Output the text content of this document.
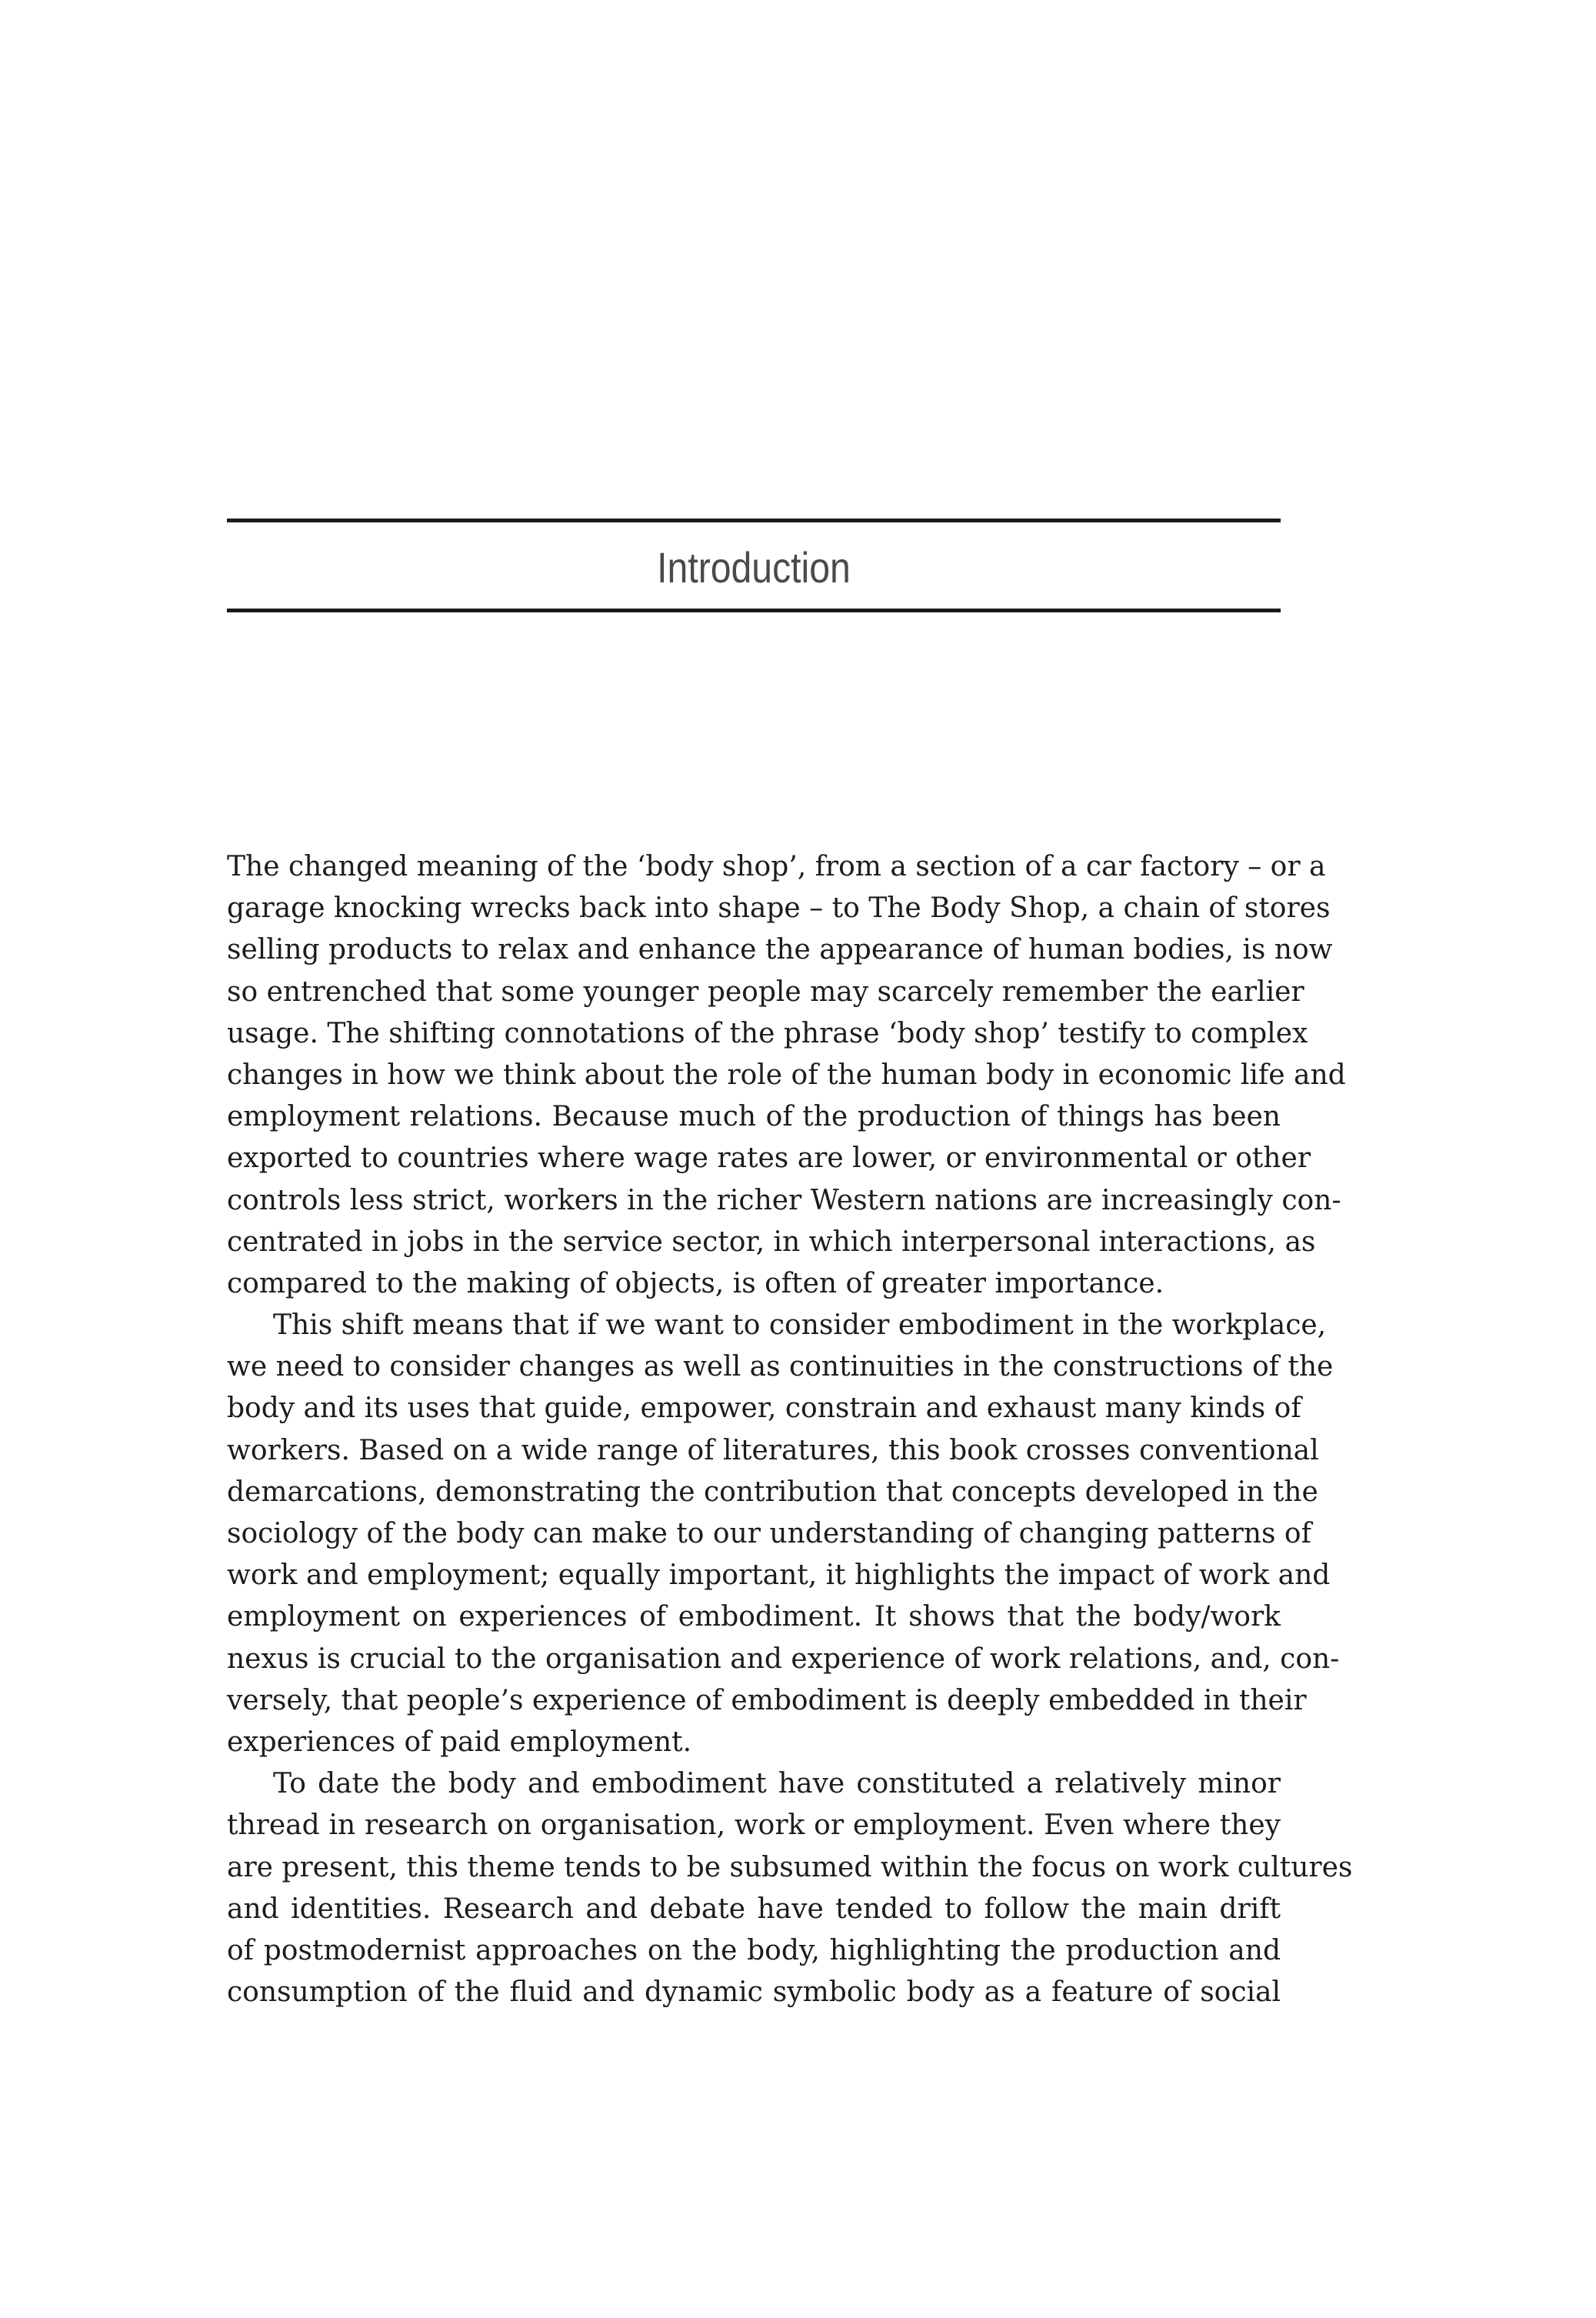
Introduction
The changed meaning of the ‘body shop’, from a section of a car factory – or a
garage knocking wrecks back into shape – to The Body Shop, a chain of stores
selling products to relax and enhance the appearance of human bodies, is now
so entrenched that some younger people may scarcely remember the earlier
usage. The shifting connotations of the phrase ‘body shop’ testify to complex
changes in how we think about the role of the human body in economic life and
employment relations. Because much of the production of things has been
exported to countries where wage rates are lower, or environmental or other
controls less strict, workers in the richer Western nations are increasingly con-
centrated in jobs in the service sector, in which interpersonal interactions, as
compared to the making of objects, is often of greater importance.
This shift means that if we want to consider embodiment in the workplace,
we need to consider changes as well as continuities in the constructions of the
body and its uses that guide, empower, constrain and exhaust many kinds of
workers. Based on a wide range of literatures, this book crosses conventional
demarcations, demonstrating the contribution that concepts developed in the
sociology of the body can make to our understanding of changing patterns of
work and employment; equally important, it highlights the impact of work and
employment on experiences of embodiment. It shows that the body/work
nexus is crucial to the organisation and experience of work relations, and, con-
versely, that people’s experience of embodiment is deeply embedded in their
experiences of paid employment.
To date the body and embodiment have constituted a relatively minor
thread in research on organisation, work or employment. Even where they
are present, this theme tends to be subsumed within the focus on work cultures
and identities. Research and debate have tended to follow the main drift
of postmodernist approaches on the body, highlighting the production and
consumption of the fluid and dynamic symbolic body as a feature of social
